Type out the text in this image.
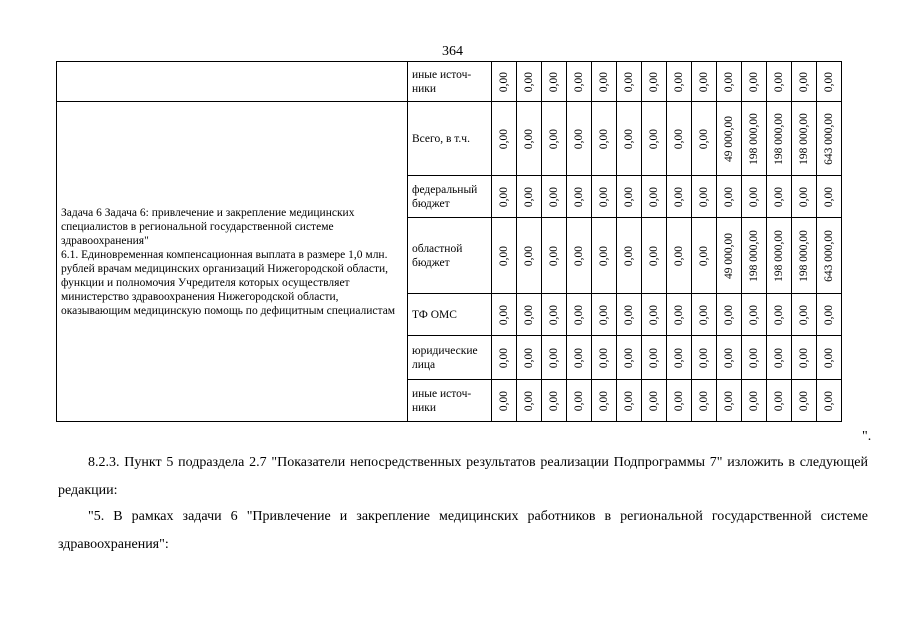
364
	иные источ-ники	0,00	0,00	0,00	0,00	0,00	0,00	0,00	0,00	0,00	0,00	0,00	0,00	0,00	0,00

Задача 6 Задача 6: привлечение и закрепление медицинских специалистов в региональной государственной системе здравоохранения"
6.1. Единовременная компенсационная выплата в размере 1,0 млн. рублей врачам медицинских организаций Нижегородской области, функции и полномочия Учредителя которых осуществляет министерство здравоохранения Нижегородской области, оказывающим медицинскую помощь по дефицитным специалистам	Всего, в т.ч.	0,00	0,00	0,00	0,00	0,00	0,00	0,00	0,00	0,00	49 000,00	198 000,00	198 000,00	198 000,00	643 000,00

	федеральный бюджет	0,00	0,00	0,00	0,00	0,00	0,00	0,00	0,00	0,00	0,00	0,00	0,00	0,00	0,00

	областной бюджет	0,00	0,00	0,00	0,00	0,00	0,00	0,00	0,00	0,00	49 000,00	198 000,00	198 000,00	198 000,00	643 000,00

	ТФ ОМС	0,00	0,00	0,00	0,00	0,00	0,00	0,00	0,00	0,00	0,00	0,00	0,00	0,00	0,00

	юридические лица	0,00	0,00	0,00	0,00	0,00	0,00	0,00	0,00	0,00	0,00	0,00	0,00	0,00	0,00

	иные источ-ники	0,00	0,00	0,00	0,00	0,00	0,00	0,00	0,00	0,00	0,00	0,00	0,00	0,00	0,00
".
8.2.3. Пункт 5 подраздела 2.7 "Показатели непосредственных результатов реализации Подпрограммы 7" изложить в следующей редакции:
"5. В рамках задачи 6 "Привлечение и закрепление медицинских работников в региональной государственной системе здравоохранения":
